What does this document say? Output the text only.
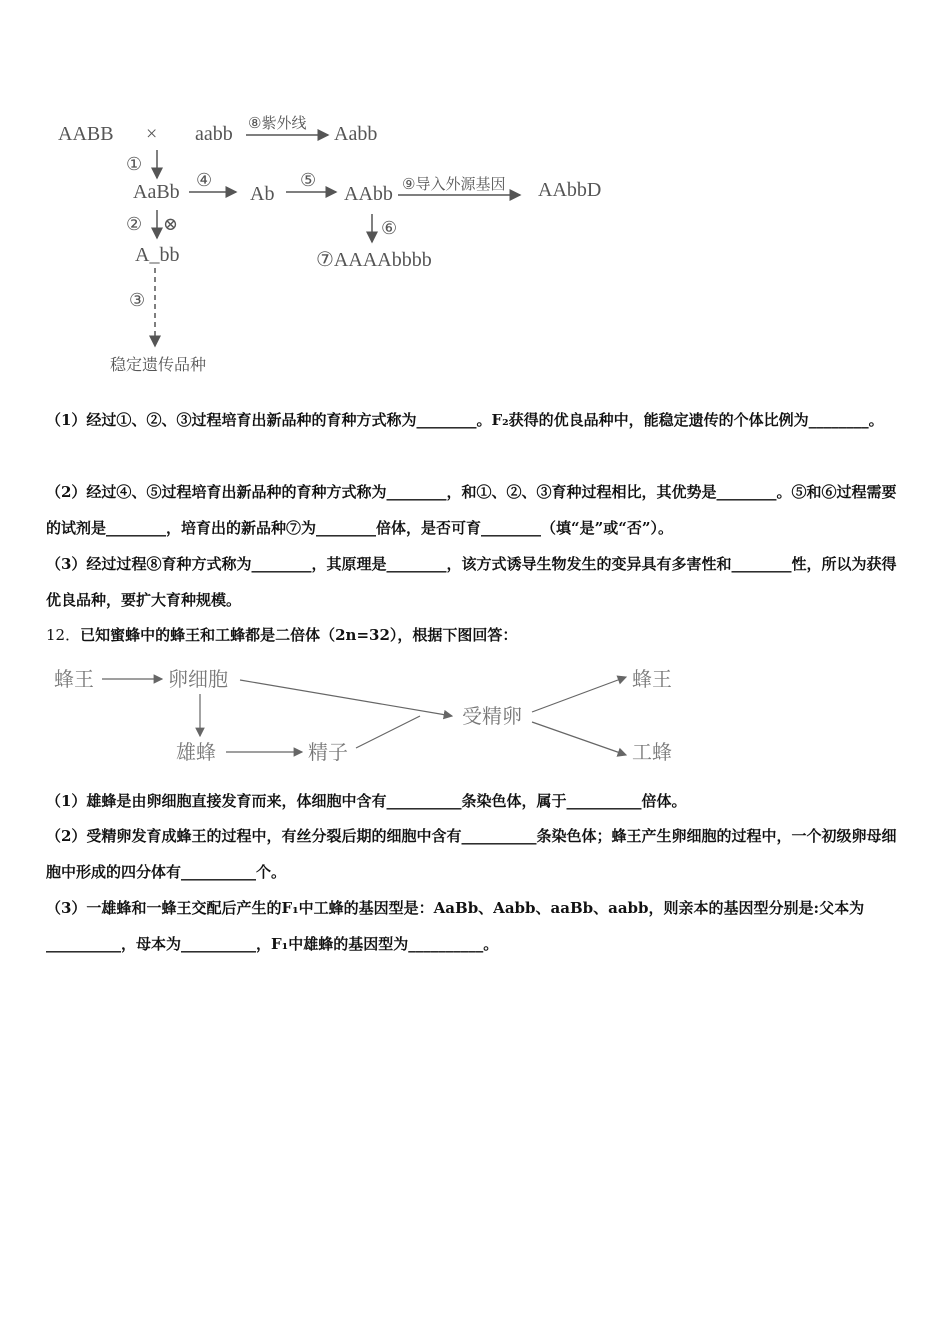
AABB × aabb ⑧紫外线 Aabb
①
AaBb
④
Ab
⑤
AAbb ⑨导入外源基因 AAbbD
② ⊗	⑥
A_bb	⑦AAAAbbbb
③
稳定遗传品种
（1）经过①、②、③过程培育出新品种的育种方式称为________。F₂获得的优良品种中，能稳定遗传的个体比例为________。
（2）经过④、⑤过程培育出新品种的育种方式称为________，和①、②、③育种过程相比，其优势是________。⑤和⑥过程需要的试剂是________，培育出的新品种⑦为________倍体，是否可育________（填“是”或“否”）。
（3）经过过程⑧育种方式称为________，其原理是________，该方式诱导生物发生的变异具有多害性和________性，所以为获得优良品种，要扩大育种规模。
12．已知蜜蜂中的蜂王和工蜂都是二倍体（2n=32），根据下图回答：
蜂王	卵细胞
雄蜂	精子
受精卵
蜂王
工蜂
（1）雄蜂是由卵细胞直接发育而来，体细胞中含有__________条染色体，属于__________倍体。
（2）受精卵发育成蜂王的过程中，有丝分裂后期的细胞中含有__________条染色体；蜂王产生卵细胞的过程中，一个初级卵母细胞中形成的四分体有__________个。
（3）一雄蜂和一蜂王交配后产生的F₁中工蜂的基因型是：AaBb、Aabb、aaBb、aabb，则亲本的基因型分别是:父本为__________，母本为__________，F₁中雄蜂的基因型为__________。
